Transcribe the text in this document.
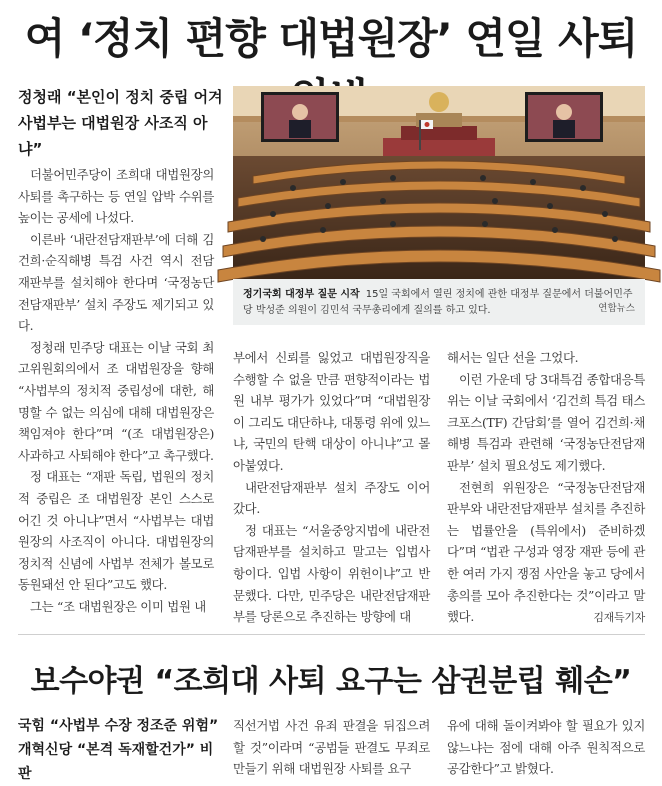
여 ‘정치 편향 대법원장’ 연일 사퇴
정청래 “본인이 정치 중립 어겨
사법부는 대법원장 사조직 아냐”

더불어민주당이 조희대 대법원장의 사퇴를 촉구하는 등 연일 압박 수위를 높이는 공세에 나섰다.

이른바 ‘내란전담재판부’에 더해 김건희·순직해병 특검 사건 역시 전담 재판부를 설치해야 한다며 ‘국정농단전담재판부’ 설치 주장도 제기되고 있다.

정청래 민주당 대표는 이날 국회 최고위원회의에서 조 대법원장을 향해 “사법부의 정치적 중립성에 대한, 해명할 수 없는 의심에 대해 대법원장은 책임져야 한다”며 “(조 대법원장은) 사과하고 사퇴해야 한다”고 촉구했다.

정 대표는 “재판 독립, 법원의 정치적 중립은 조 대법원장 본인 스스로 어긴 것 아니냐”면서 “사법부는 대법원장의 사조직이 아니다. 대법원장의 정치적 신념에 사법부 전체가 볼모로 동원돼선 안 된다”고도 했다.

그는 “조 대법원장은 이미 법원 내

정기국회 대정부 질문 시작 15일 국회에서 열린 정치에 관한 대정부 질문에서 더불어민주당 박성준 의원이 김민석 국무총리에게 질의를 하고 있다.	연합뉴스

부에서 신뢰를 잃었고 대법원장직을 수행할 수 없을 만큼 편향적이라는 법원 내부 평가가 있었다”며 “대법원장이 그리도 대단하냐, 대통령 위에 있느냐, 국민의 탄핵 대상이 아니냐”고 몰아붙였다.

내란전담재판부 설치 주장도 이어갔다.

정 대표는 “서울중앙지법에 내란전담재판부를 설치하고 말고는 입법사항이다. 입법 사항이 위헌이냐”고 반문했다. 다만, 민주당은 내란전담재판부를 당론으로 추진하는 방향에 대

해서는 일단 선을 그었다.

이런 가운데 당 3대특검 종합대응특위는 이날 국회에서 ‘김건희 특검 태스크포스(TF) 간담회’를 열어 김건희·채해병 특검과 관련해 ‘국정농단전담재판부’ 설치 필요성도 제기했다.

전현희 위원장은 “국정농단전담재판부와 내란전담재판부 설치를 추진하는 법률안을 (특위에서) 준비하겠다”며 “법관 구성과 영장 재판 등에 관한 여러 가지 쟁점 사안을 놓고 당에서 총의를 모아 추진한다는 것”이라고 말했다.	김재득기자
보수야권 “조희대 사퇴 요구는 삼권분립 훼손”
국힘 “사법부 수장 정조준 위험”
개혁신당 “본격 독재할건가” 비판

직선거법 사건 유죄 판결을 뒤집으려 할 것”이라며 “공범들 판결도 무죄로 만들기 위해 대법원장 사퇴를 요구

유에 대해 돌이켜봐야 할 필요가 있지 않느냐는 점에 대해 아주 원칙적으로 공감한다”고 밝혔다.
